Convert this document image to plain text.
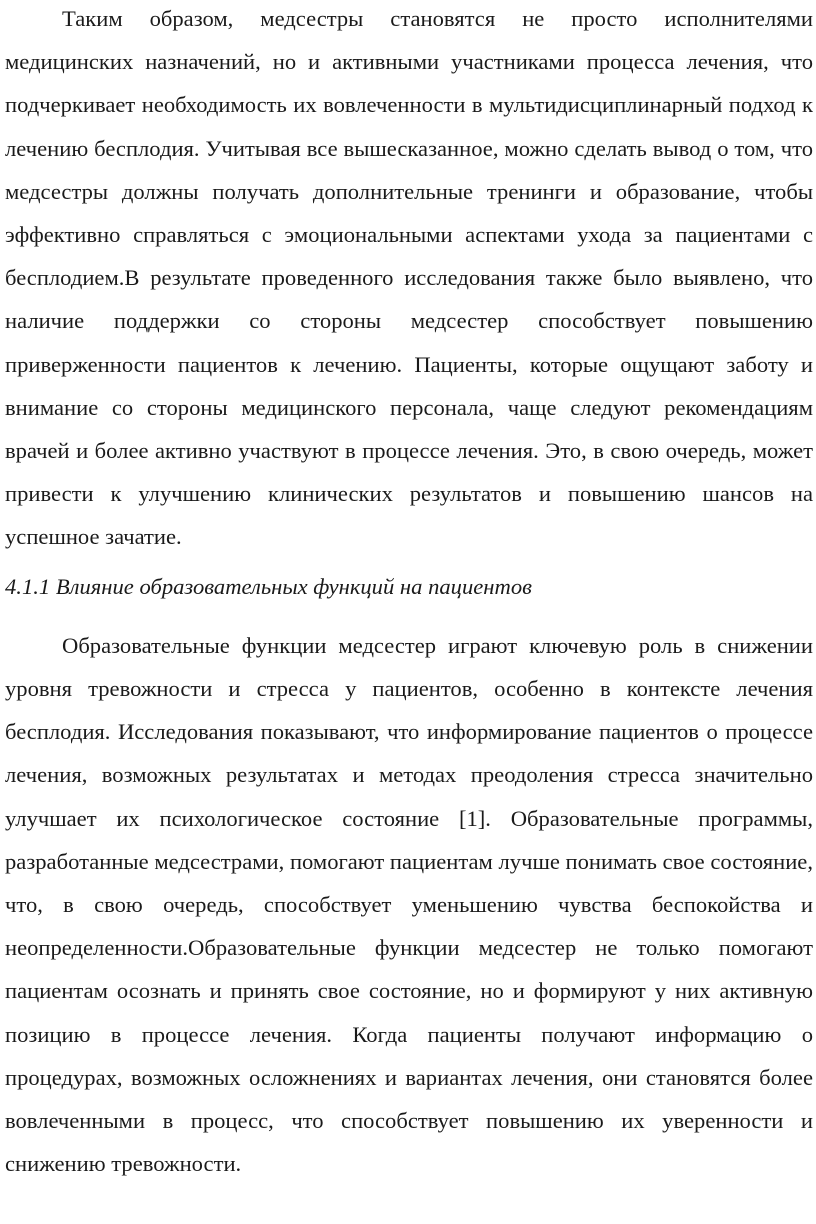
Таким образом, медсестры становятся не просто исполнителями медицинских назначений, но и активными участниками процесса лечения, что подчеркивает необходимость их вовлеченности в мультидисциплинарный подход к лечению бесплодия. Учитывая все вышесказанное, можно сделать вывод о том, что медсестры должны получать дополнительные тренинги и образование, чтобы эффективно справляться с эмоциональными аспектами ухода за пациентами с бесплодием.В результате проведенного исследования также было выявлено, что наличие поддержки со стороны медсестер способствует повышению приверженности пациентов к лечению. Пациенты, которые ощущают заботу и внимание со стороны медицинского персонала, чаще следуют рекомендациям врачей и более активно участвуют в процессе лечения. Это, в свою очередь, может привести к улучшению клинических результатов и повышению шансов на успешное зачатие.

4.1.1 Влияние образовательных функций на пациентов

Образовательные функции медсестер играют ключевую роль в снижении уровня тревожности и стресса у пациентов, особенно в контексте лечения бесплодия. Исследования показывают, что информирование пациентов о процессе лечения, возможных результатах и методах преодоления стресса значительно улучшает их психологическое состояние [1]. Образовательные программы, разработанные медсестрами, помогают пациентам лучше понимать свое состояние, что, в свою очередь, способствует уменьшению чувства беспокойства и неопределенности.Образовательные функции медсестер не только помогают пациентам осознать и принять свое состояние, но и формируют у них активную позицию в процессе лечения. Когда пациенты получают информацию о процедурах, возможных осложнениях и вариантах лечения, они становятся более вовлеченными в процесс, что способствует повышению их уверенности и снижению тревожности.
